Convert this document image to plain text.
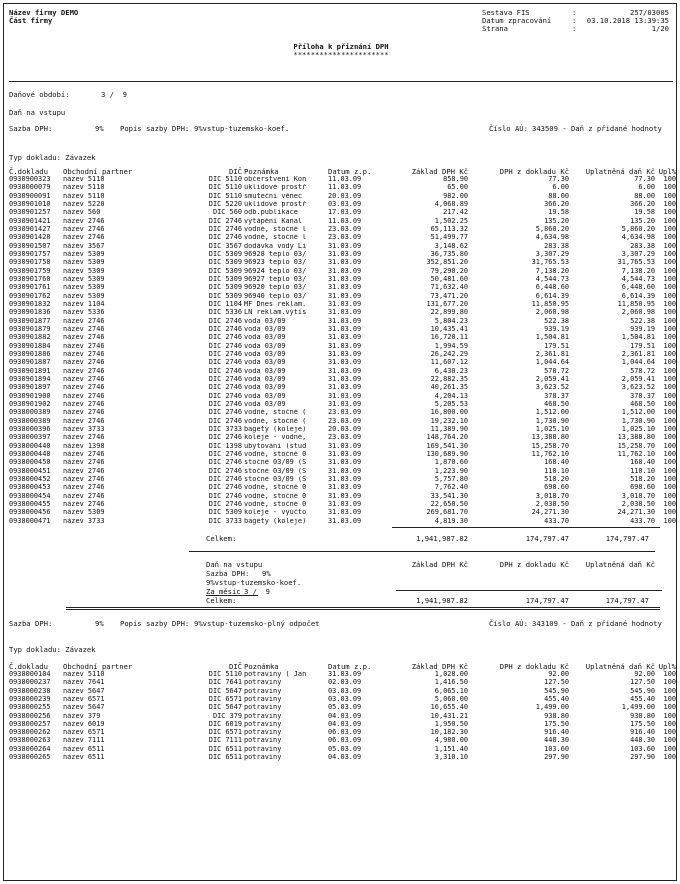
Název firmy DEMO
Část firmy
Sestava FIS	:	257/03005
Datum zpracování	:	03.10.2018 13:39:35
Strana	:	1/20
Příloha k přiznání DPH
**********************
Daňové období:	3 /  9
Daň na vstupu
Sazba DPH:	9% Popis sazby DPH: 9%vstup-tuzemsko-koef.	Číslo AÚ: 343509 - Daň z přidané hodnoty
Typ dokladu: Závazek
Č.dokladu Obchodní partner	DIČ Poznámka	Datum z.p.	Základ DPH Kč	DPH z dokladu Kč	Uplatněná daň Kč Upl%
0930900323	název 5110	DIČ 5110 občerstvení Kon	11.03.09	858.90	77.30	77.30	100
0938000079	název 5110	DIČ 5110 úklidové prostř	11.03.09	65.00	6.00	6.00	100
0930900091	název 5110	DIČ 5110 smuteční věnec	20.03.09	982.00	88.00	88.00	100
0930901010	název 5220	DIČ 5220 úklidové prostř	03.03.09	4,068.89	366.20	366.20	100
0930901257	název 560	DIČ 560 odb.publikace	17.03.09	217.42	19.58	19.58	100
0930901421	název 2746	DIČ 2746 vytápění Kanal	11.03.09	1,502.25	135.20	135.20	100
0930901427	název 2746	DIČ 2746 vodné, stočné l	23.03.09	65,113.32	5,860.20	5,860.20	100
0930901428	název 2746	DIČ 2746 vodné, stočné l	23.03.09	51,499.77	4,634.98	4,634.98	100
0930901507	název 3567	DIČ 3567 dodávka vody Li	31.03.09	3,148.62	283.38	283.38	100
0930901757	název 5309	DIČ 5309 96928 teplo 03/	31.03.09	36,735.80	3,307.29	3,307.29	100
0930901758	název 5309	DIČ 5309 96923 teplo 03/	31.03.09	352,851.20	31,765.53	31,765.53	100
0930901759	název 5309	DIČ 5309 96924 teplo 03/	31.03.09	79,290.20	7,138.20	7,138.20	100
0930901760	název 5309	DIČ 5309 96927 teplo 03/	31.03.09	50,481.60	4,544.73	4,544.73	100
0930901761	název 5309	DIČ 5309 96920 teplo 03/	31.03.09	71,632.40	6,448.60	6,448.60	100
0930901762	název 5309	DIČ 5309 96940 teplo 03/	31.03.09	73,471.20	6,614.39	6,614.39	100
0930901832	název 1104	DIČ 1104 MF Dnes reklam.	31.03.09	131,677.20	11,850.95	11,850.95	100
0930901836	název 5336	DIČ 5336 LN reklam.výtis	31.03.09	22,899.80	2,060.98	2,060.98	100
0930901877	název 2746	DIČ 2746 voda 03/09	31.03.09	5,804.23	522.38	522.38	100
0930901879	název 2746	DIČ 2746 voda 03/09	31.03.09	10,435.41	939.19	939.19	100
0930901882	název 2746	DIČ 2746 voda 03/09	31.03.09	16,720.11	1,504.81	1,504.81	100
0930901884	název 2746	DIČ 2746 voda 03/09	31.03.09	1,994.59	179.51	179.51	100
0930901886	název 2746	DIČ 2746 voda 03/09	31.03.09	26,242.29	2,361.81	2,361.81	100
0930901887	název 2746	DIČ 2746 voda 03/09	31.03.09	11,607.12	1,044.64	1,044.64	100
0930901891	název 2746	DIČ 2746 voda 03/09	31.03.09	6,430.23	578.72	578.72	100
0930901894	název 2746	DIČ 2746 voda 03/09	31.03.09	22,882.35	2,059.41	2,059.41	100
0930901897	název 2746	DIČ 2746 voda 03/09	31.03.09	40,261.35	3,623.52	3,623.52	100
0930901900	název 2746	DIČ 2746 voda 03/09	31.03.09	4,204.13	378.37	378.37	100
0930901902	název 2746	DIČ 2746 voda 03/09	31.03.09	5,205.53	468.50	468.50	100
0938000389	název 2746	DIČ 2746 vodné, stočné (	23.03.09	16,800.00	1,512.00	1,512.00	100
0938000389	název 2746	DIČ 2746 vodné, stočné (	23.03.09	19,232.10	1,730.90	1,730.90	100
0938000396	název 3733	DIČ 3733 bagety (koleje)	20.03.09	11,389.90	1,025.10	1,025.10	100
0938000397	název 2746	DIČ 2746 koleje - vodné,	23.03.09	148,764.20	13,388.80	13,388.80	100
0938000440	název 1398	DIČ 1398 ubytování (stud	31.03.09	169,541.30	15,258.70	15,258.70	100
0938000448	název 2746	DIČ 2746 vodné, stočné 0	31.03.09	130,689.90	11,762.10	11,762.10	100
0938000450	název 2746	DIČ 2746 stočné 03/09 (S	31.03.09	1,870.60	168.40	168.40	100
0938000451	název 2746	DIČ 2746 stočné 03/09 (S	31.03.09	1,223.90	110.10	110.10	100
0938000452	název 2746	DIČ 2746 stočné 03/09 (S	31.03.09	5,757.80	518.20	518.20	100
0938000453	název 2746	DIČ 2746 vodné, stočné 0	31.03.09	7,762.40	698.60	698.60	100
0938000454	název 2746	DIČ 2746 vodné, stočné 0	31.03.09	33,541.30	3,018.70	3,018.70	100
0938000455	název 2746	DIČ 2746 vodné, stočné 0	31.03.09	22,650.50	2,038.50	2,038.50	100
0938000456	název 5309	DIČ 5309 koleje - vyúčto	31.03.09	269,681.70	24,271.30	24,271.30	100
0938000471	název 3733	DIČ 3733 bagety (koleje)	31.03.09	4,819.30	433.70	433.70	100
Celkem:	1,941,987.82	174,797.47	174,797.47
Daň na vstupu	Základ DPH Kč	DPH z dokladu Kč	Uplatněná daň Kč
Sazba DPH: 9%
9%vstup-tuzemsko-koef.
Za měsíc 3 /  9
Celkem:	1,941,987.82	174,797.47	174,797.47
Sazba DPH:	9% Popis sazby DPH: 9%vstup-tuzemsko-plný odpočet	Číslo AÚ: 343109 - Daň z přidané hodnoty
Typ dokladu: Závazek
Č.dokladu Obchodní partner	DIČ Poznámka	Datum z.p.	Základ DPH Kč	DPH z dokladu Kč	Uplatněná daň Kč Upl%
0938000104	název 5110	DIČ 5110 potraviny ( Jan	31.03.09	1,028.00	92.00	92.00	100
0938000237	název 7641	DIČ 7641 potraviny	02.03.09	1,416.50	127.50	127.50	100
0938000238	název 5647	DIČ 5647 potraviny	03.03.09	6,065.10	545.90	545.90	100
0938000239	název 6571	DIČ 6571 potraviny	03.03.09	5,060.00	455.40	455.40	100
0938000255	název 5647	DIČ 5647 potraviny	05.03.09	16,655.40	1,499.00	1,499.00	100
0938000256	název 379	DIČ 379 potraviny	04.03.09	10,431.21	938.80	938.80	100
0938000257	název 6019	DIČ 6019 potraviny	04.03.09	1,950.50	175.50	175.50	100
0938000262	název 6571	DIČ 6571 potraviny	06.03.09	10,182.30	916.40	916.40	100
0938000263	název 7111	DIČ 7111 potraviny	06.03.09	4,980.00	448.30	448.30	100
0938000264	název 6511	DIČ 6511 potraviny	05.03.09	1,151.40	103.60	103.60	100
0938000265	název 6511	DIČ 6511 potraviny	04.03.09	3,310.10	297.90	297.90	100
